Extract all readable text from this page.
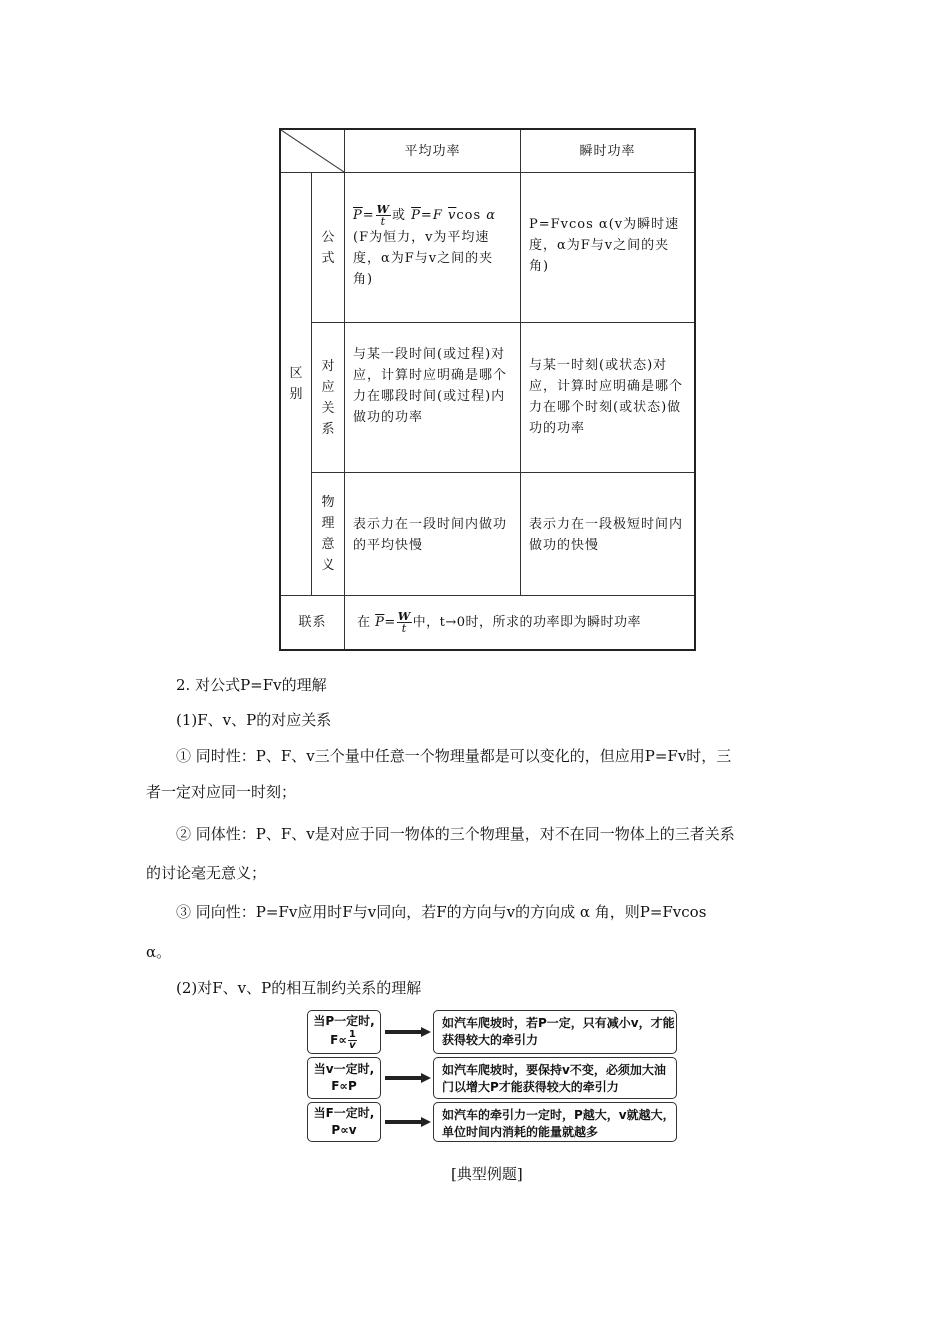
平均功率	瞬时功率
区
别
公
式
$\overline{P}= \frac{W}{t}$ 或 $\overline{P}=F$ $\overline{v}\cos$ α
(F为恒力，v为平均速度，α为F与v之间的夹角)
P=Fvcos α(v为瞬时速度，α为F与v之间的夹角)
对
应
关
系
与某一段时间(或过程)对应，计算时应明确是哪个力在哪段时间(或过程)内做功的功率
与某一时刻(或状态)对应，计算时应明确是哪个力在哪个时刻(或状态)做功的功率
物
理
意
义
表示力在一段时间内做功的平均快慢
表示力在一段极短时间内做功的快慢
联系 在
$\overline{P} = \frac{W}{t}$ 中，t→0时，所求的功率即为瞬时功率
2. 对公式P=Fv的理解
(1)F、v、P的对应关系
① 同时性：P、F、v三个量中任意一个物理量都是可以变化的，但应用P=Fv时，三
者一定对应同一时刻；
② 同体性：P、F、v是对应于同一物体的三个物理量，对不在同一物体上的三者关系
的讨论毫无意义；
③ 同向性：P=Fv应用时F与v同向，若F的方向与v的方向成 α 角，则P=Fvcos
α。
(2)对F、v、P的相互制约关系的理解
当P一定时,
$F\propto \frac{1}{v}$
如汽车爬坡时，若P一定，只有减小v，才能
获得较大的牵引力
当v一定时,
F∝P
如汽车爬坡时，要保持v不变，必须加大油
门以增大P才能获得较大的牵引力
当F一定时,
P∝v
如汽车的牵引力一定时，P越大，v就越大，
单位时间内消耗的能量就越多
[典型例题]
